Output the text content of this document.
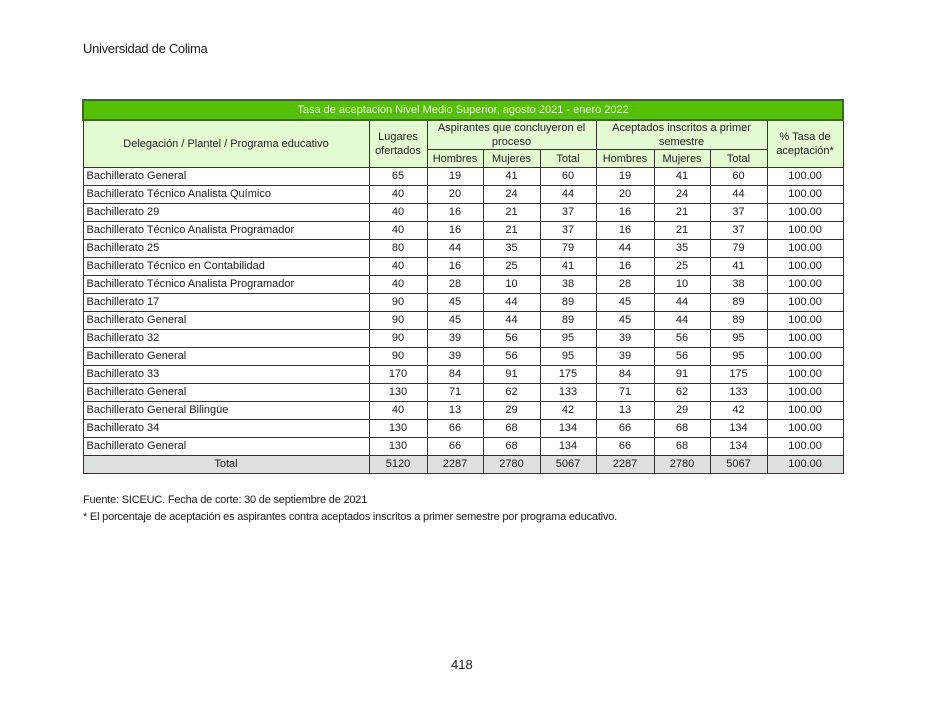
Universidad de Colima
Tasa de aceptación Nivel Medio Superior, agosto 2021 - enero 2022								
Delegación / Plantel / Programa educativo	Lugares ofertados	Aspirantes que concluyeron el proceso			Aceptados inscritos a primer semestre			% Tasa de aceptación*
		Hombres	Mujeres	Total	Hombres	Mujeres	Total	
Bachillerato General	65	19	41	60	19	41	60	100.00
Bachillerato Técnico Analista Químico	40	20	24	44	20	24	44	100.00
Bachillerato 29	40	16	21	37	16	21	37	100.00
Bachillerato Técnico Analista Programador	40	16	21	37	16	21	37	100.00
Bachillerato 25	80	44	35	79	44	35	79	100.00
Bachillerato Técnico en Contabilidad	40	16	25	41	16	25	41	100.00
Bachillerato Técnico Analista Programador	40	28	10	38	28	10	38	100.00
Bachillerato 17	90	45	44	89	45	44	89	100.00
Bachillerato General	90	45	44	89	45	44	89	100.00
Bachillerato 32	90	39	56	95	39	56	95	100.00
Bachillerato General	90	39	56	95	39	56	95	100.00
Bachillerato 33	170	84	91	175	84	91	175	100.00
Bachillerato General	130	71	62	133	71	62	133	100.00
Bachillerato General Bilingüe	40	13	29	42	13	29	42	100.00
Bachillerato 34	130	66	68	134	66	68	134	100.00
Bachillerato General	130	66	68	134	66	68	134	100.00
Total	5120	2287	2780	5067	2287	2780	5067	100.00
Fuente: SICEUC. Fecha de corte: 30 de septiembre de 2021
* El porcentaje de aceptación es aspirantes contra aceptados inscritos a primer semestre por programa educativo.
418
